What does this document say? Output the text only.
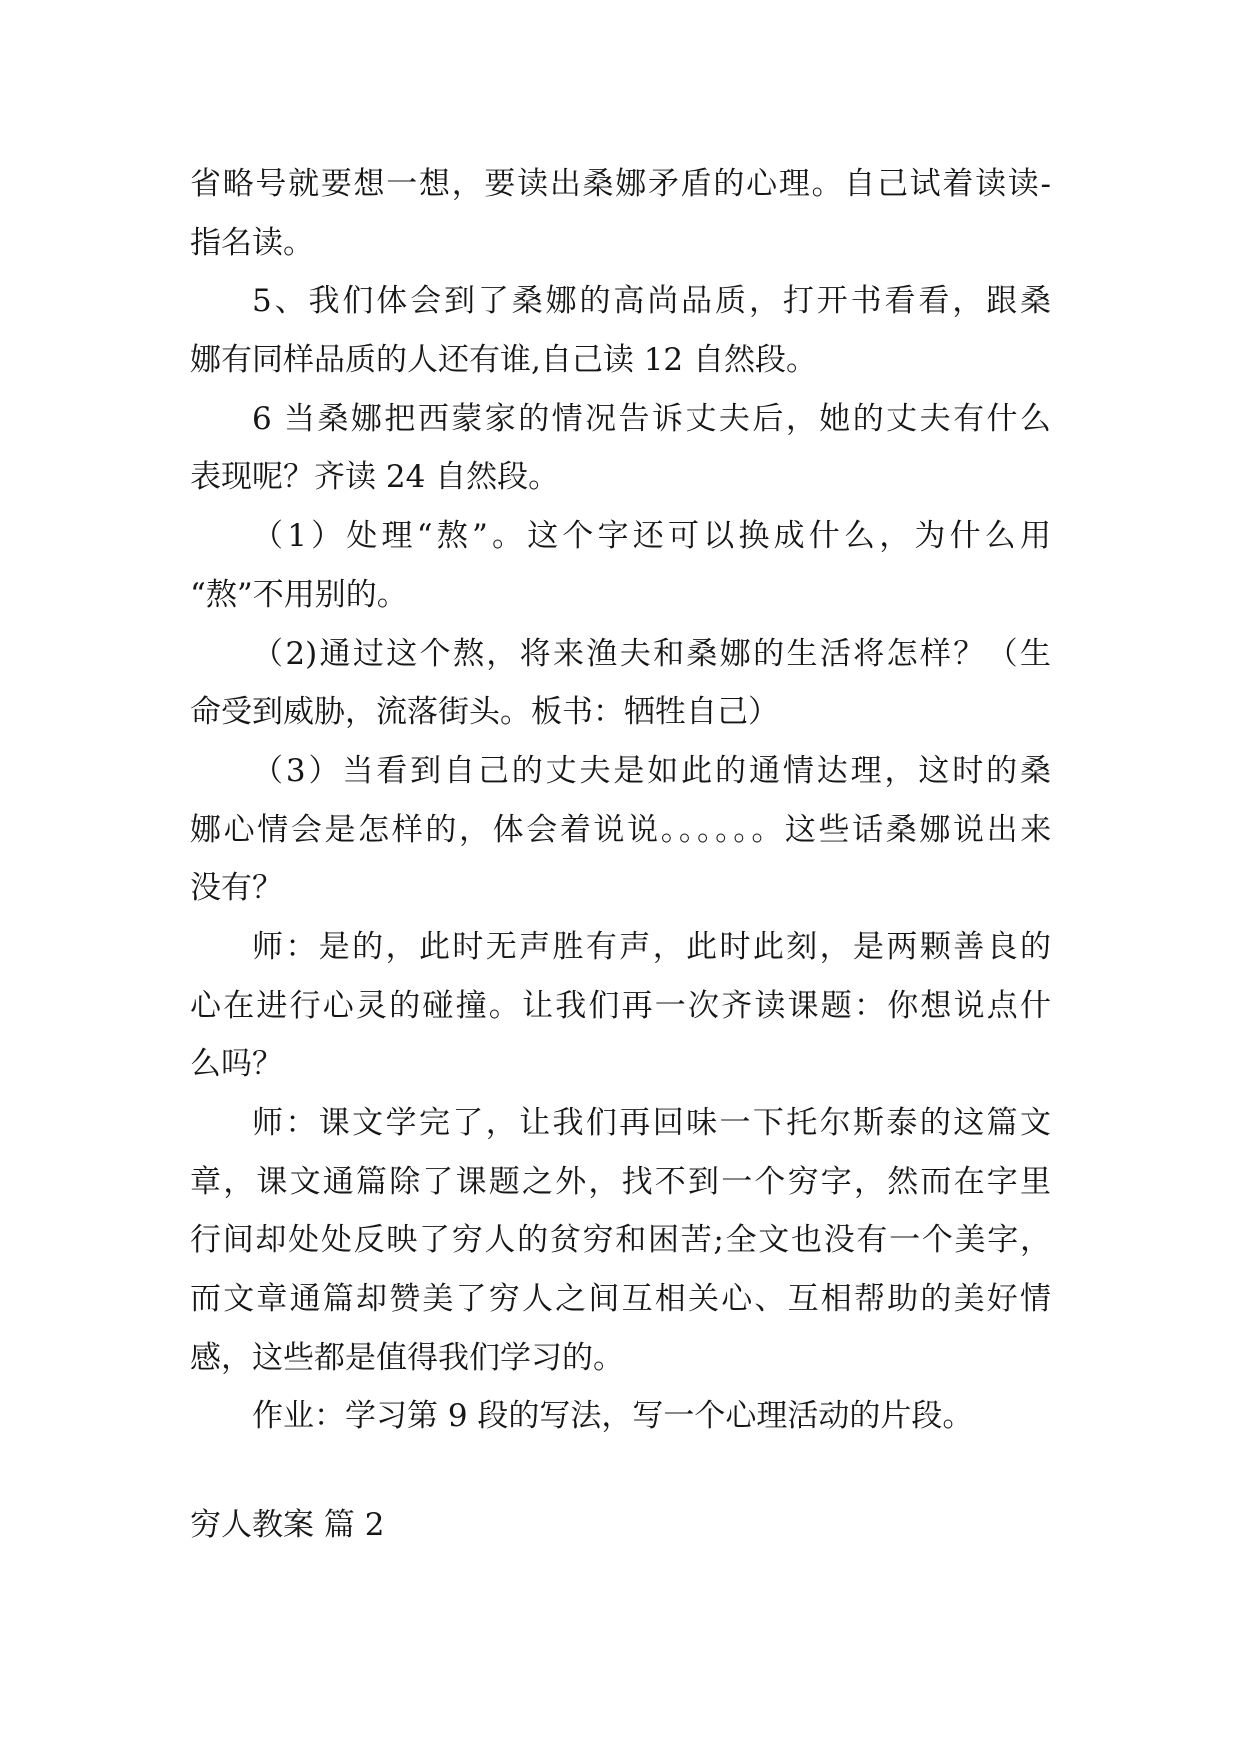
省略号就要想一想，要读出桑娜矛盾的心理。自己试着读读-
指名读。
5、我们体会到了桑娜的高尚品质，打开书看看，跟桑
娜有同样品质的人还有谁,自己读 12 自然段。
6 当桑娜把西蒙家的情况告诉丈夫后，她的丈夫有什么
表现呢？齐读 24 自然段。
（1）处理“熬”。这个字还可以换成什么，为什么用
“熬”不用别的。
（2)通过这个熬，将来渔夫和桑娜的生活将怎样？（生
命受到威胁，流落街头。板书：牺牲自己）
（3）当看到自己的丈夫是如此的通情达理，这时的桑
娜心情会是怎样的，体会着说说。。。。。。这些话桑娜说出来
没有？
师：是的，此时无声胜有声，此时此刻，是两颗善良的
心在进行心灵的碰撞。让我们再一次齐读课题：你想说点什
么吗？
师：课文学完了，让我们再回味一下托尔斯泰的这篇文
章，课文通篇除了课题之外，找不到一个穷字，然而在字里
行间却处处反映了穷人的贫穷和困苦;全文也没有一个美字，
而文章通篇却赞美了穷人之间互相关心、互相帮助的美好情
感，这些都是值得我们学习的。
作业：学习第 9 段的写法，写一个心理活动的片段。
穷人教案 篇 2
